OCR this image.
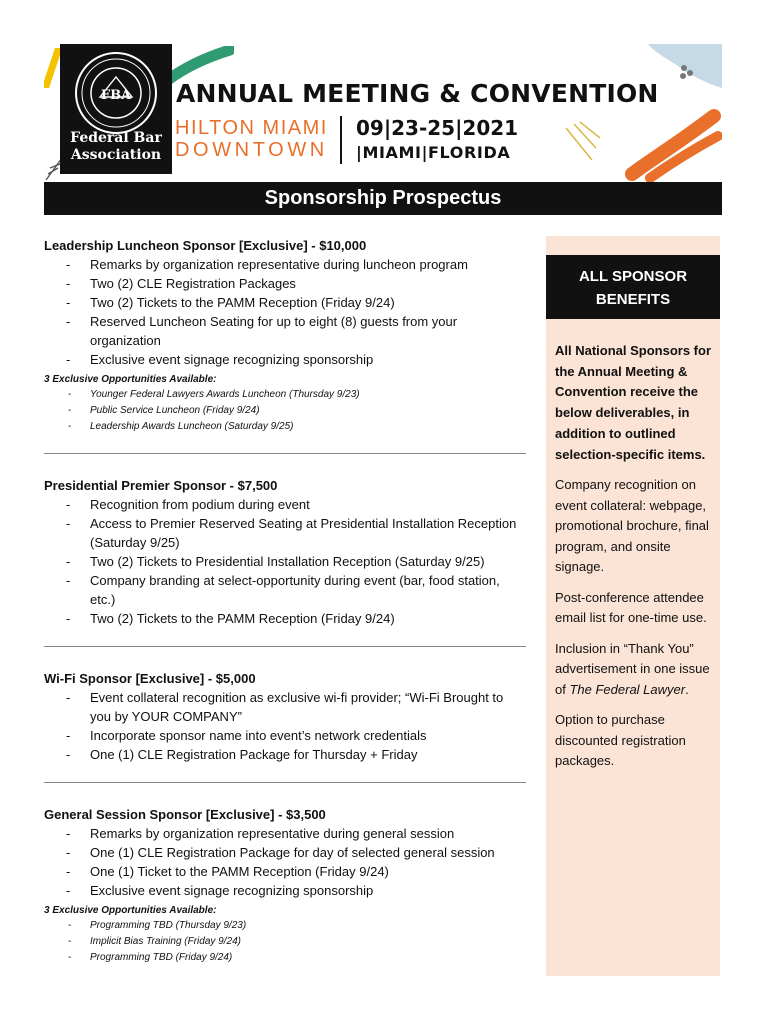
FBA
Federal Bar
Association
ANNUAL MEETING & CONVENTION
HILTON MIAMI
DOWNTOWN
09|23-25|2021
|MIAMI|FLORIDA
Sponsorship Prospectus
Leadership Luncheon Sponsor [Exclusive] - $10,000
- Remarks by organization representative during luncheon program
- Two (2) CLE Registration Packages
- Two (2) Tickets to the PAMM Reception (Friday 9/24)
- Reserved Luncheon Seating for up to eight (8) guests from your organization
- Exclusive event signage recognizing sponsorship
3 Exclusive Opportunities Available:
- Younger Federal Lawyers Awards Luncheon (Thursday 9/23)
- Public Service Luncheon (Friday 9/24)
- Leadership Awards Luncheon (Saturday 9/25)
Presidential Premier Sponsor - $7,500
- Recognition from podium during event
- Access to Premier Reserved Seating at Presidential Installation Reception (Saturday 9/25)
- Two (2) Tickets to Presidential Installation Reception (Saturday 9/25)
- Company branding at select-opportunity during event (bar, food station, etc.)
- Two (2) Tickets to the PAMM Reception (Friday 9/24)
Wi-Fi Sponsor [Exclusive] - $5,000
- Event collateral recognition as exclusive wi-fi provider; “Wi-Fi Brought to you by YOUR COMPANY”
- Incorporate sponsor name into event’s network credentials
- One (1) CLE Registration Package for Thursday + Friday
General Session Sponsor [Exclusive] - $3,500
- Remarks by organization representative during general session
- One (1) CLE Registration Package for day of selected general session
- One (1) Ticket to the PAMM Reception (Friday 9/24)
- Exclusive event signage recognizing sponsorship
3 Exclusive Opportunities Available:
- Programming TBD (Thursday 9/23)
- Implicit Bias Training (Friday 9/24)
- Programming TBD (Friday 9/24)
ALL SPONSOR BENEFITS

All National Sponsors for the Annual Meeting & Convention receive the below deliverables, in addition to outlined selection-specific items.

Company recognition on event collateral: webpage, promotional brochure, final program, and onsite signage.

Post-conference attendee email list for one-time use.

Inclusion in “Thank You” advertisement in one issue of The Federal Lawyer.

Option to purchase discounted registration packages.
